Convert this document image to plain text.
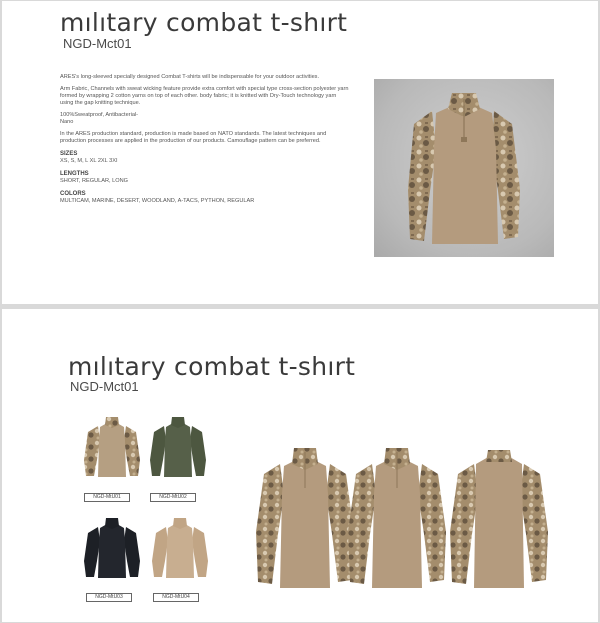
mılıtary combat t-shırt
NGD-Mct01

ARES's long-sleeved specially designed Combat T-shirts will be indispensable for your outdoor activities.

Arm Fabric, Channels with sweat wicking feature provide extra comfort with special type cross-section polyester yarn formed by wrapping 2 cotton yarns on top of each other. body fabric; it is knitted with Dry-Touch technology yarn using the gap knitting technique.

100%Sweatproof, Antibacterial- Nano

In the ARES production standard, production is made based on NATO standards. The latest techniques and production processes are applied in the production of our products. Camouflage pattern can be preferred.

SIZES
XS, S, M, L XL 2XL 3XI
LENGTHS
SHORT, REGULAR, LONG
COLORS
MULTICAM, MARINE, DESERT, WOODLAND, A-TACS, PYTHON, REGULAR
mılıtary combat t-shırt
NGD-Mct01
NGD-MtU01	NGD-MtU02
NGD-MtU03	NGD-MtU04
